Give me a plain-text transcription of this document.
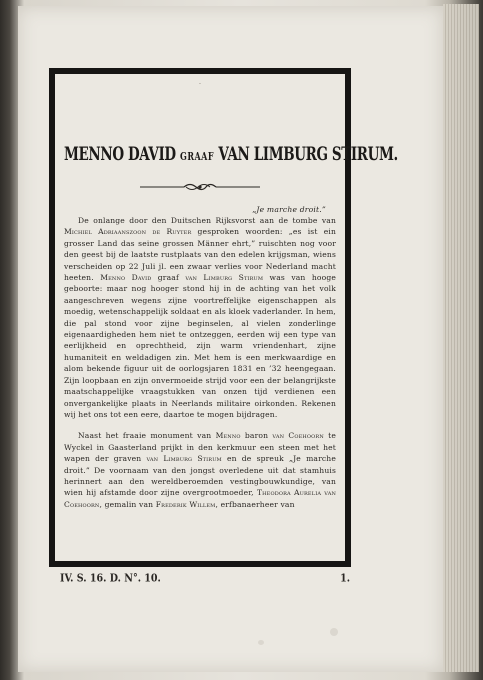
·
MENNO DAVID GRAAF VAN LIMBURG STIRUM.
„Je marche droit.”

De onlange door den Duitschen Rijksvorst aan de tombe van Michiel Adriaanszoon de Ruyter gesproken woorden: „es ist ein grosser Land das seine grossen Männer ehrt,” ruischten nog voor den geest bij de laatste rustplaats van den edelen krijgsman, wiens verscheiden op 22 Juli jl. een zwaar verlies voor Nederland macht heeten. Menno David graaf van Limburg Stirum was van hooge geboorte: maar nog hooger stond hij in de achting van het volk aangeschreven wegens zijne voortreffelijke eigenschappen als moedig, wetenschappelijk soldaat en als kloek vaderlander. In hem, die pal stond voor zijne beginselen, al vielen zonderlinge eigenaardigheden hem niet te ontzeggen, eerden wij een type van eerlijkheid en oprechtheid, zijn warm vriendenhart, zijne humaniteit en weldadigen zin. Met hem is een merkwaardige en alom bekende figuur uit de oorlogsjaren 1831 en ’32 heengegaan. Zijn loopbaan en zijn onvermoeide strijd voor een der belangrijkste maatschappelijke vraagstukken van onzen tijd verdienen een onvergankelijke plaats in Neerlands militaire oirkonden. Rekenen wij het ons tot een eere, daartoe te mogen bijdragen.

Naast het fraaie monument van Menno baron van Coehoorn te Wyckel in Gaasterland prijkt in den kerkmuur een steen met het wapen der graven van Limburg Stirum en de spreuk „Je marche droit.” De voornaam van den jongst overledene uit dat stamhuis herinnert aan den wereldberoemden vestingbouwkundige, van wien hij afstamde door zijne overgrootmoeder, Theodora Aurelia van Coehoorn, gemalin van Frederik Willem, erfbanaerheer van

IV. S. 16. D. N°. 10.	1.
